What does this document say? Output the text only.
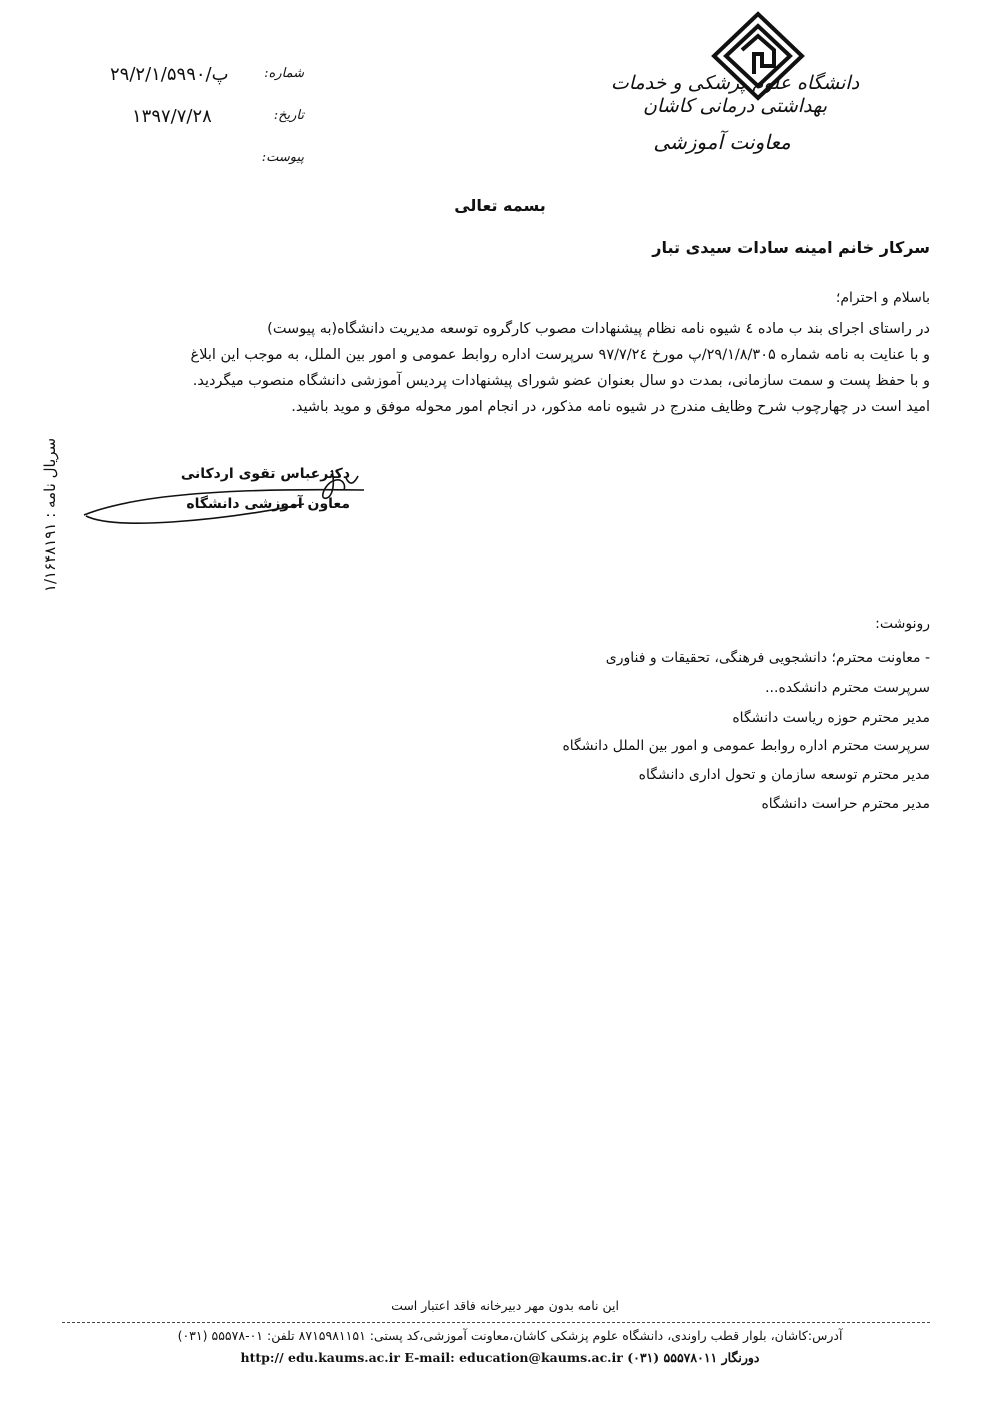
دانشگاه علوم پزشکی و خدمات بهداشتی درمانی کاشان
معاونت آموزشی
شماره:
پ/۲۹/۲/۱/۵۹۹۰
تاریخ:
۱۳۹۷/۷/۲۸
پیوست:
بسمه تعالی
سرکار خانم امینه سادات سیدی تبار
باسلام و احترام؛
در راستای اجرای بند ب ماده ٤ شیوه نامه نظام پیشنهادات مصوب کارگروه توسعه مدیریت دانشگاه(به پیوست)
و با عنایت به نامه شماره ۲۹/۱/۸/۳۰۵/پ مورخ ۹۷/۷/۲٤ سرپرست اداره روابط عمومی و امور بین الملل، به موجب این ابلاغ
و با حفظ پست و سمت سازمانی، بمدت دو سال بعنوان عضو شورای پیشنهادات پردیس آموزشی دانشگاه منصوب میگردید.
امید است در چهارچوب شرح وظایف مندرج در شیوه نامه مذکور، در انجام امور محوله موفق و موید باشید.
دکترعباس تقوی اردکانی
معاون آموزشی دانشگاه
سریال نامه : ۱/۱۶۴۸۱۹۱
رونوشت:
- معاونت محترم؛ دانشجویی فرهنگی، تحقیقات و فناوری
سرپرست محترم دانشکده...
مدیر محترم حوزه ریاست دانشگاه
سرپرست محترم اداره روابط عمومی و امور بین الملل دانشگاه
مدیر محترم توسعه سازمان و تحول اداری دانشگاه
مدیر محترم حراست دانشگاه
این نامه بدون مهر دبیرخانه فاقد اعتبار است
آدرس:کاشان، بلوار قطب راوندی، دانشگاه علوم پزشکی کاشان،معاونت آموزشی،کد پستی: ۸۷۱۵۹۸۱۱۵۱ تلفن: ۰۱-۵۵۵۷۸ (۰۳۱)
http:// edu.kaums.ac.ir E-mail: education@kaums.ac.ir (۰۳۱) ۵۵۵۷۸۰۱۱ دورنگار
